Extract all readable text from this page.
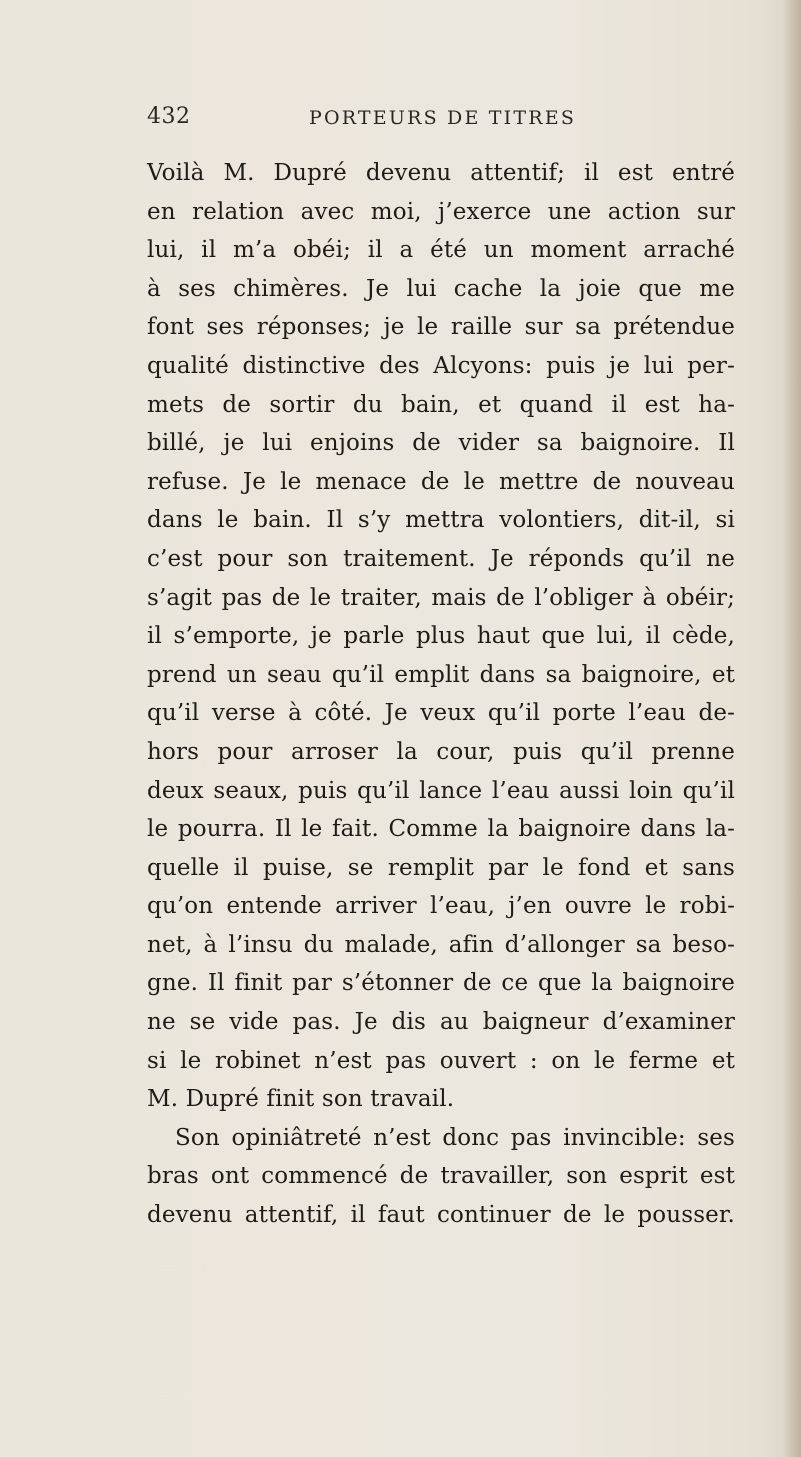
432	PORTEURS DE TITRES
Voilà M. Dupré devenu attentif; il est entré
en relation avec moi, j’exerce une action sur
lui, il m’a obéi; il a été un moment arraché
à ses chimères. Je lui cache la joie que me
font ses réponses; je le raille sur sa prétendue
qualité distinctive des Alcyons: puis je lui per-
mets de sortir du bain, et quand il est ha-
billé, je lui enjoins de vider sa baignoire. Il
refuse. Je le menace de le mettre de nouveau
dans le bain. Il s’y mettra volontiers, dit-il, si
c’est pour son traitement. Je réponds qu’il ne
s’agit pas de le traiter, mais de l’obliger à obéir;
il s’emporte, je parle plus haut que lui, il cède,
prend un seau qu’il emplit dans sa baignoire, et
qu’il verse à côté. Je veux qu’il porte l’eau de-
hors pour arroser la cour, puis qu’il prenne
deux seaux, puis qu’il lance l’eau aussi loin qu’il
le pourra. Il le fait. Comme la baignoire dans la-
quelle il puise, se remplit par le fond et sans
qu’on entende arriver l’eau, j’en ouvre le robi-
net, à l’insu du malade, afin d’allonger sa beso-
gne. Il finit par s’étonner de ce que la baignoire
ne se vide pas. Je dis au baigneur d’examiner
si le robinet n’est pas ouvert : on le ferme et
M. Dupré finit son travail.
Son opiniâtreté n’est donc pas invincible: ses
bras ont commencé de travailler, son esprit est
devenu attentif, il faut continuer de le pousser.
